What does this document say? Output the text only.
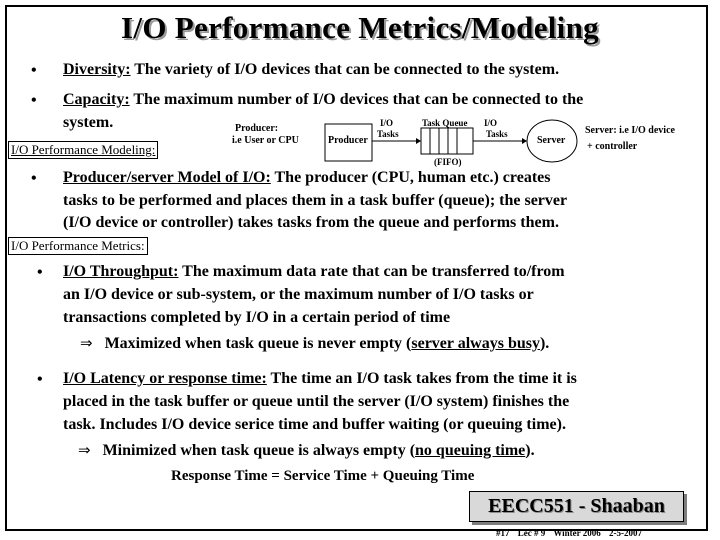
I/O Performance Metrics/Modeling
• Diversity: The variety of I/O devices that can be connected to the system.
• Capacity: The maximum number of I/O devices that can be connected to the
system.
I/O Performance Modeling:
Producer:
i.e User or CPU	Producer
I/O
Tasks
Task Queue
(FIFO)
I/O
Tasks
Server
Server: i.e I/O device
+ controller
• Producer/server Model of I/O: The producer (CPU, human etc.) creates
tasks to be performed and places them in a task buffer (queue); the server
(I/O device or controller) takes tasks from the queue and performs them.
I/O Performance Metrics:
• I/O Throughput: The maximum data rate that can be transferred to/from
an I/O device or sub-system, or the maximum number of I/O tasks or
transactions completed by I/O in a certain period of time
⇒ Maximized when task queue is never empty (server always busy).
• I/O Latency or response time: The time an I/O task takes from the time it is
placed in the task buffer or queue until the server (I/O system) finishes the
task. Includes I/O device serice time and buffer waiting (or queuing time).
⇒ Minimized when task queue is always empty (no queuing time).
Response Time = Service Time + Queuing Time
EECC551 - Shaaban
#17 Lec # 9 Winter 2006 2-5-2007
